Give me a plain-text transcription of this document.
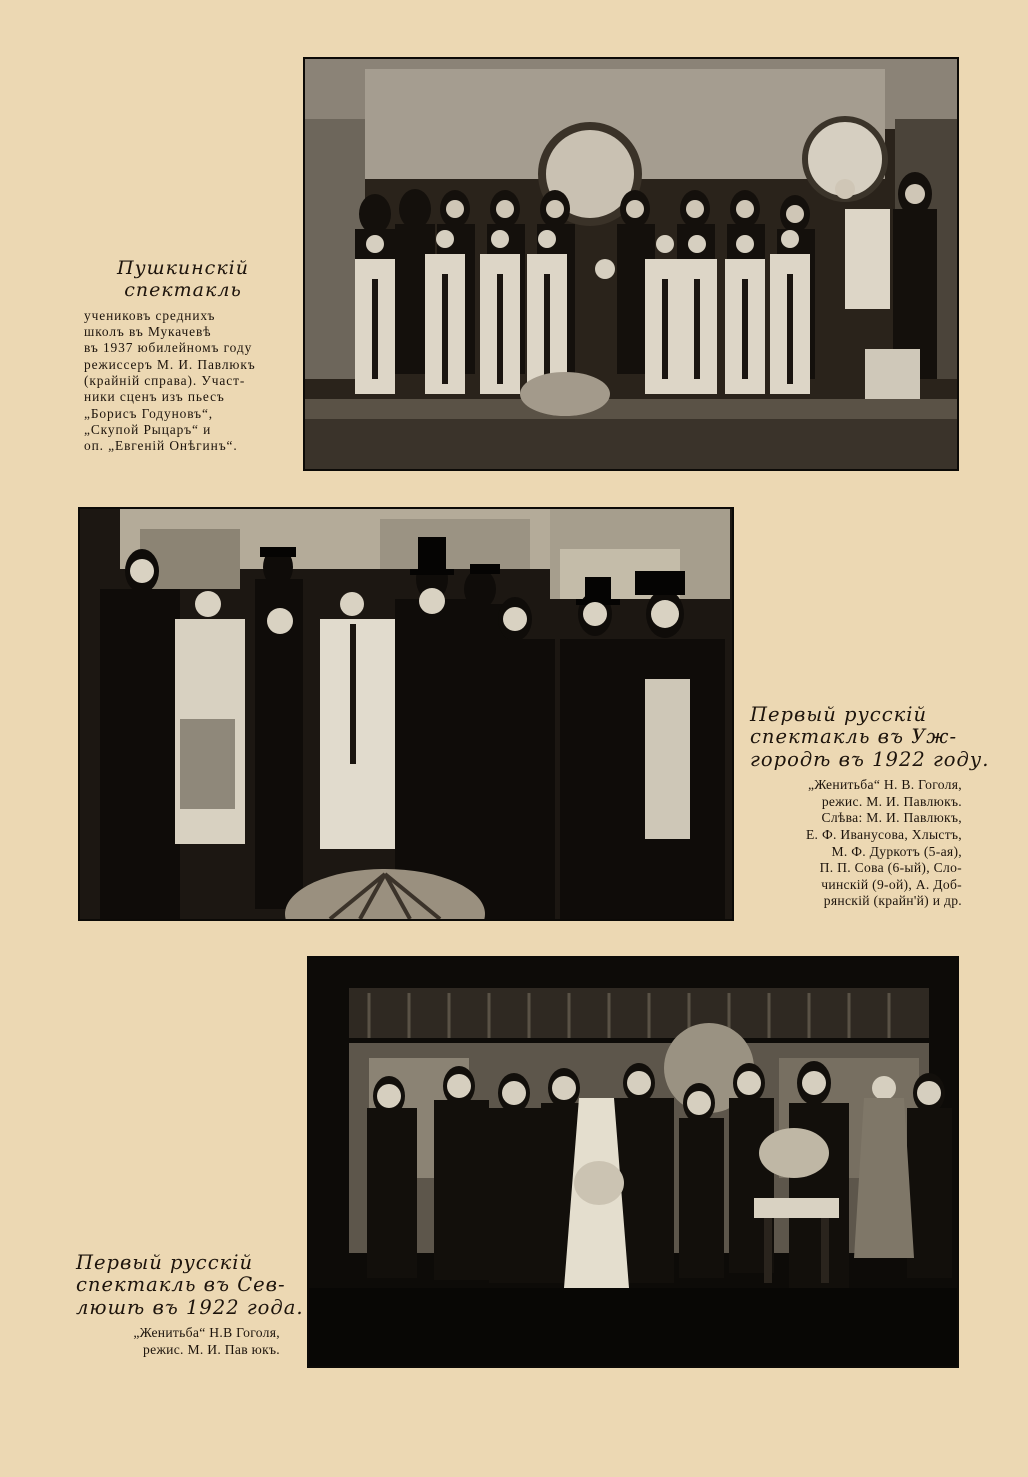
Пушкинскій
спектакль
учениковъ среднихъ
школъ въ Мукачевѣ
въ 1937 юбилейномъ году
режиссеръ М. И. Павлюкъ
(крайній справа). Участ-
ники сценъ изъ пьесъ
„Борисъ Годуновъ“,
„Скупой Рыцаръ“ и
оп. „Евгеній Онѣгинъ“.
Первый русскій
спектакль въ Уж-
городѣ въ 1922 году.
„Женитьба“ Н. В. Гоголя,
режис. М. И. Павлюкъ.
Слѣва: М. И. Павлюкъ,
Е. Ф. Иванусова, Хлыстъ,
М. Ф. Дуркотъ (5-ая),
П. П. Сова (6-ый), Сло-
чинскій (9-ой), А. Доб-
рянскій (крайн'й) и др.
Первый русскій
спектакль въ Сев-
люшѣ въ 1922 года.
„Женитьба“ Н.В Гоголя,
режис. М. И. Пав юкъ.
